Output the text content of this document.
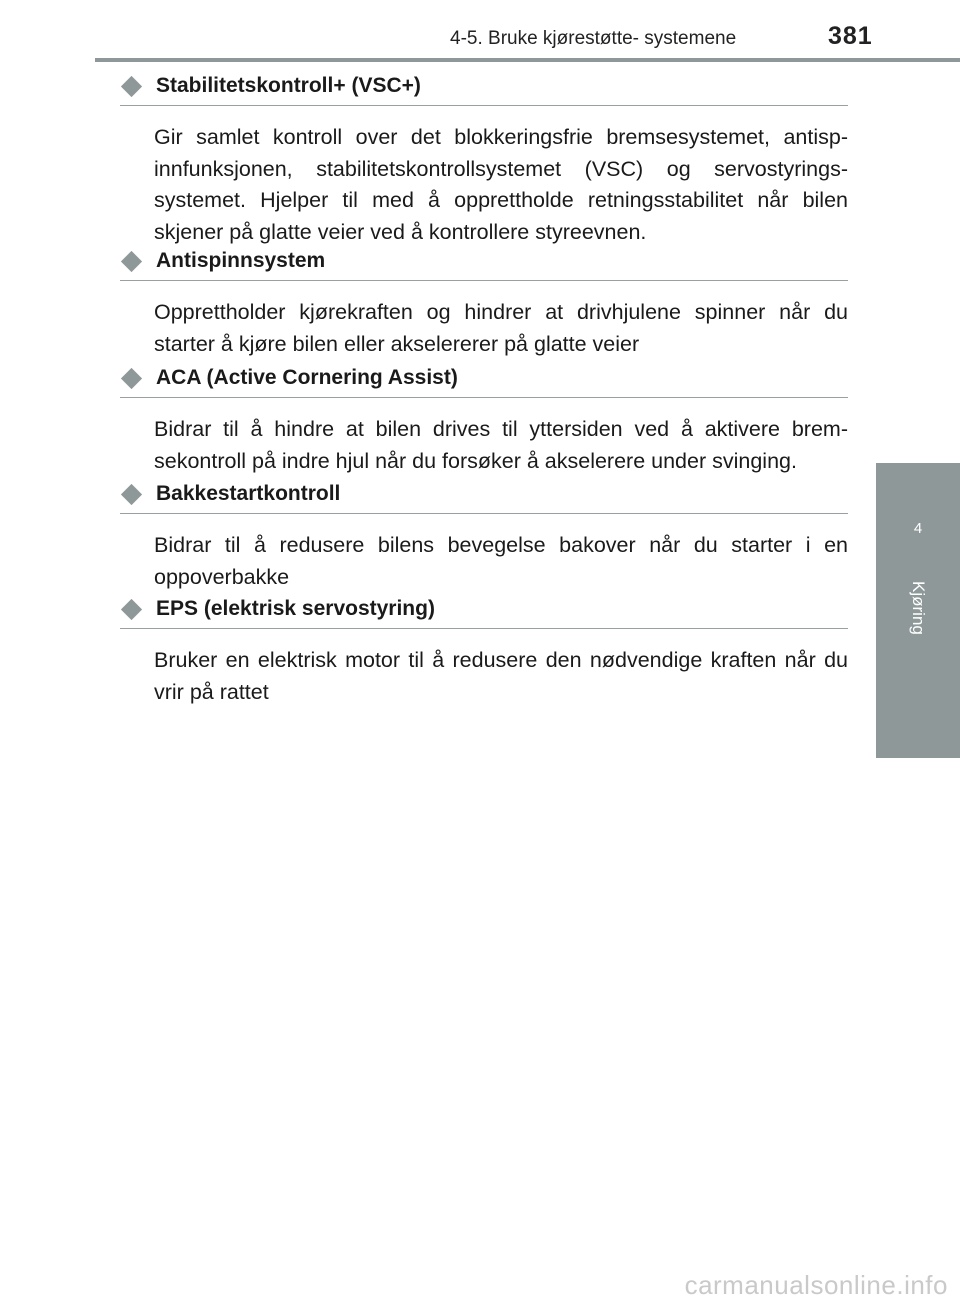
4-5. Bruke kjørestøtte- systemene	381
4
Kjøring
Stabilitetskontroll+ (VSC+)
Gir samlet kontroll over det blokkeringsfrie bremsesystemet, antispinnfunksjonen, stabilitetskontrollsystemet (VSC) og servostyringssystemet. Hjelper til med å opprettholde retningsstabilitet når bilen skjener på glatte veier ved å kontrollere styreevnen.
Antispinnsystem
Opprettholder kjørekraften og hindrer at drivhjulene spinner når du starter å kjøre bilen eller akselererer på glatte veier
ACA (Active Cornering Assist)
Bidrar til å hindre at bilen drives til yttersiden ved å aktivere bremsekontroll på indre hjul når du forsøker å akselerere under svinging.
Bakkestartkontroll
Bidrar til å redusere bilens bevegelse bakover når du starter i en oppoverbakke
EPS (elektrisk servostyring)
Bruker en elektrisk motor til å redusere den nødvendige kraften når du vrir på rattet
carmanualsonline.info
